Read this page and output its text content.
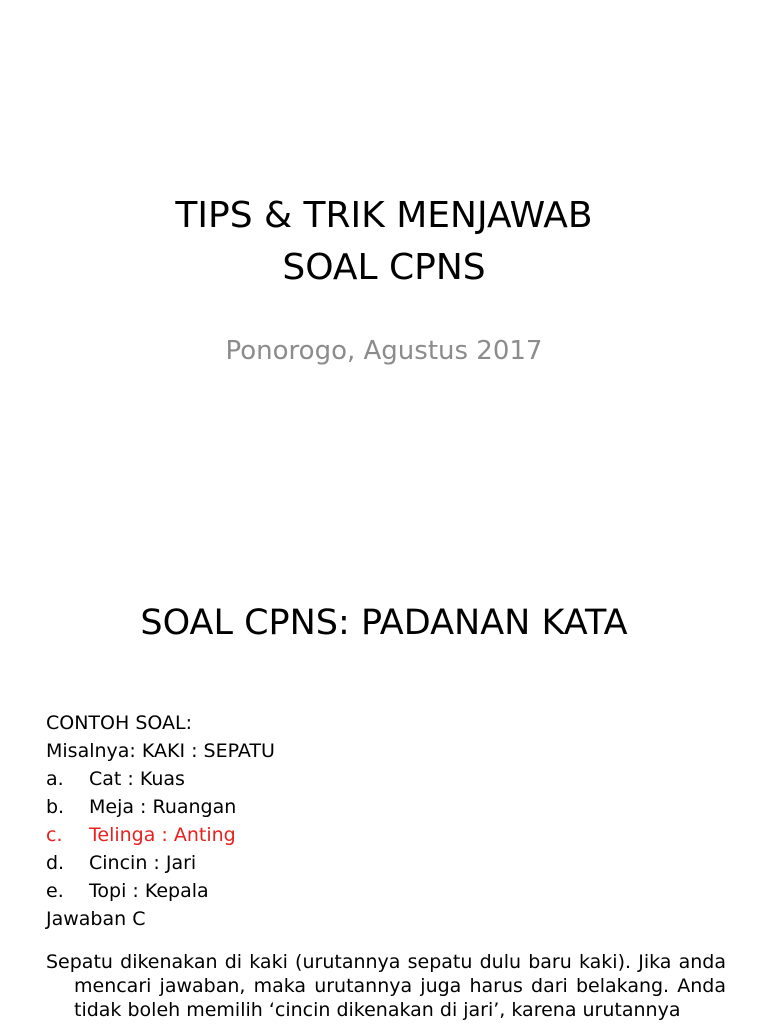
TIPS & TRIK MENJAWAB
SOAL CPNS
Ponorogo, Agustus 2017
SOAL CPNS: PADANAN KATA
CONTOH SOAL:
Misalnya: KAKI : SEPATU
a.	Cat : Kuas
b.	Meja : Ruangan
c.	Telinga : Anting
d.	Cincin : Jari
e.	Topi : Kepala
Jawaban C
Sepatu dikenakan di kaki (urutannya sepatu dulu baru kaki). Jika anda mencari jawaban, maka urutannya juga harus dari belakang. Anda tidak boleh memilih ‘cincin dikenakan di jari’, karena urutannya
